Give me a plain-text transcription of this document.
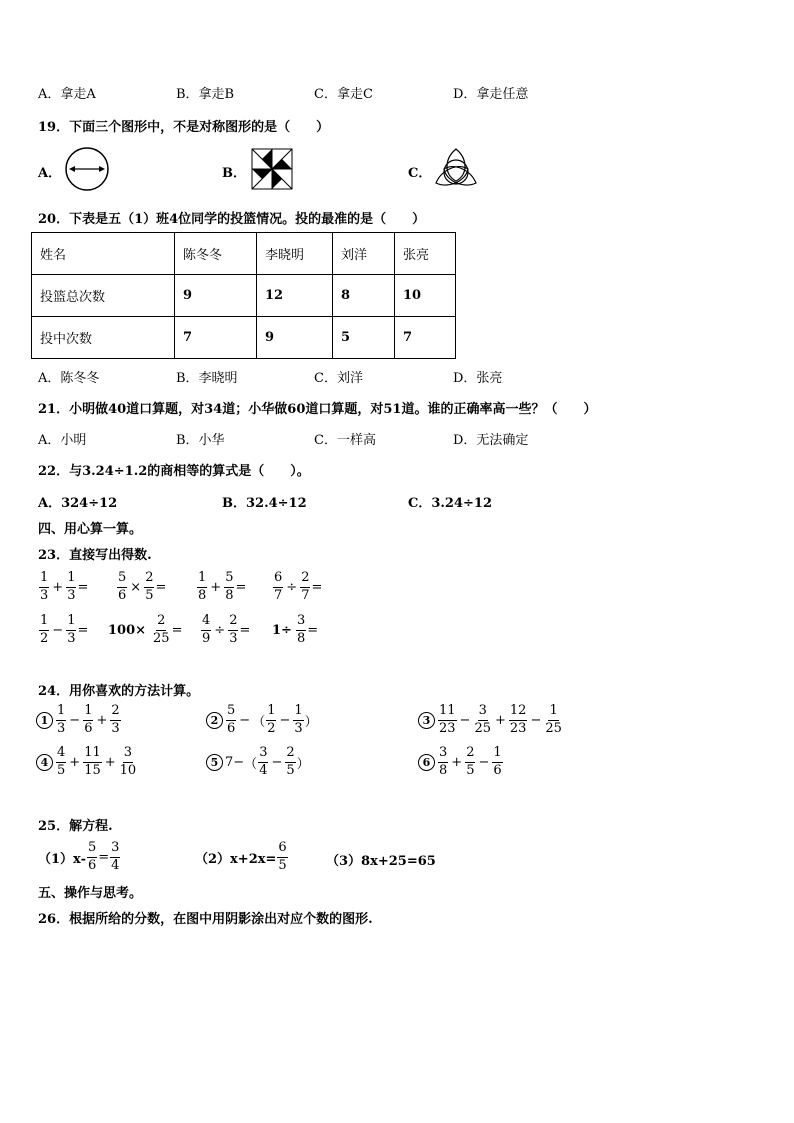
A．拿走A	B．拿走B	C．拿走C	D．拿走任意
19．下面三个图形中，不是对称图形的是（　　）
A．	B．	C．
20．下表是五（1）班4位同学的投篮情况。投的最准的是（　　）
姓名	陈冬冬	李晓明	刘洋	张亮
投篮总次数	9	12	8	10
投中次数	7	9	5	7
A．陈冬冬	B．李晓明	C．刘洋	D．张亮
21．小明做40道口算题，对34道；小华做60道口算题，对51道。谁的正确率高一些？（　　）
A．小明	B．小华	C．一样高	D．无法确定
22．与3.24÷1.2的商相等的算式是（　　）。
A．324÷12	B．32.4÷12	C．3.24÷12
四、用心算一算。
23．直接写出得数.
$\frac{1}{3} + \frac{1}{3} = \frac{5}{6} \times \frac{2}{5} = \frac{1}{8} + \frac{5}{8} = \frac{6}{7} \div \frac{2}{7}$ =
$\frac{1}{2} - \frac{1}{3} = 100\times \frac{2}{25} = \frac{4}{9} \div \frac{2}{3} = 1\div \frac{3}{8}$ =
24．用你喜欢的方法计算。
$1 \frac{1}{3} - \frac{1}{6} + \frac{2}{3}$	$2 \frac{5}{6}$ − （ $\frac{1}{2} - \frac{1}{3}$ ）	$3 \frac{11}{23} - \frac{3}{25} + \frac{12}{23} - \frac{1}{25}$
$4 \frac{4}{5} + \frac{11}{15} + \frac{3}{10}$	5 7− （ $\frac{3}{4} - \frac{2}{5}$ ）	$6 \frac{3}{8} + \frac{2}{5} - \frac{1}{6}$
25．解方程.
$(1)x- \frac{5}{6} = \frac{3}{4}$	$(2)x+2x= \frac{6}{5}$	（3）8x+25=65
五、操作与思考。
26．根据所给的分数，在图中用阴影涂出对应个数的图形.
